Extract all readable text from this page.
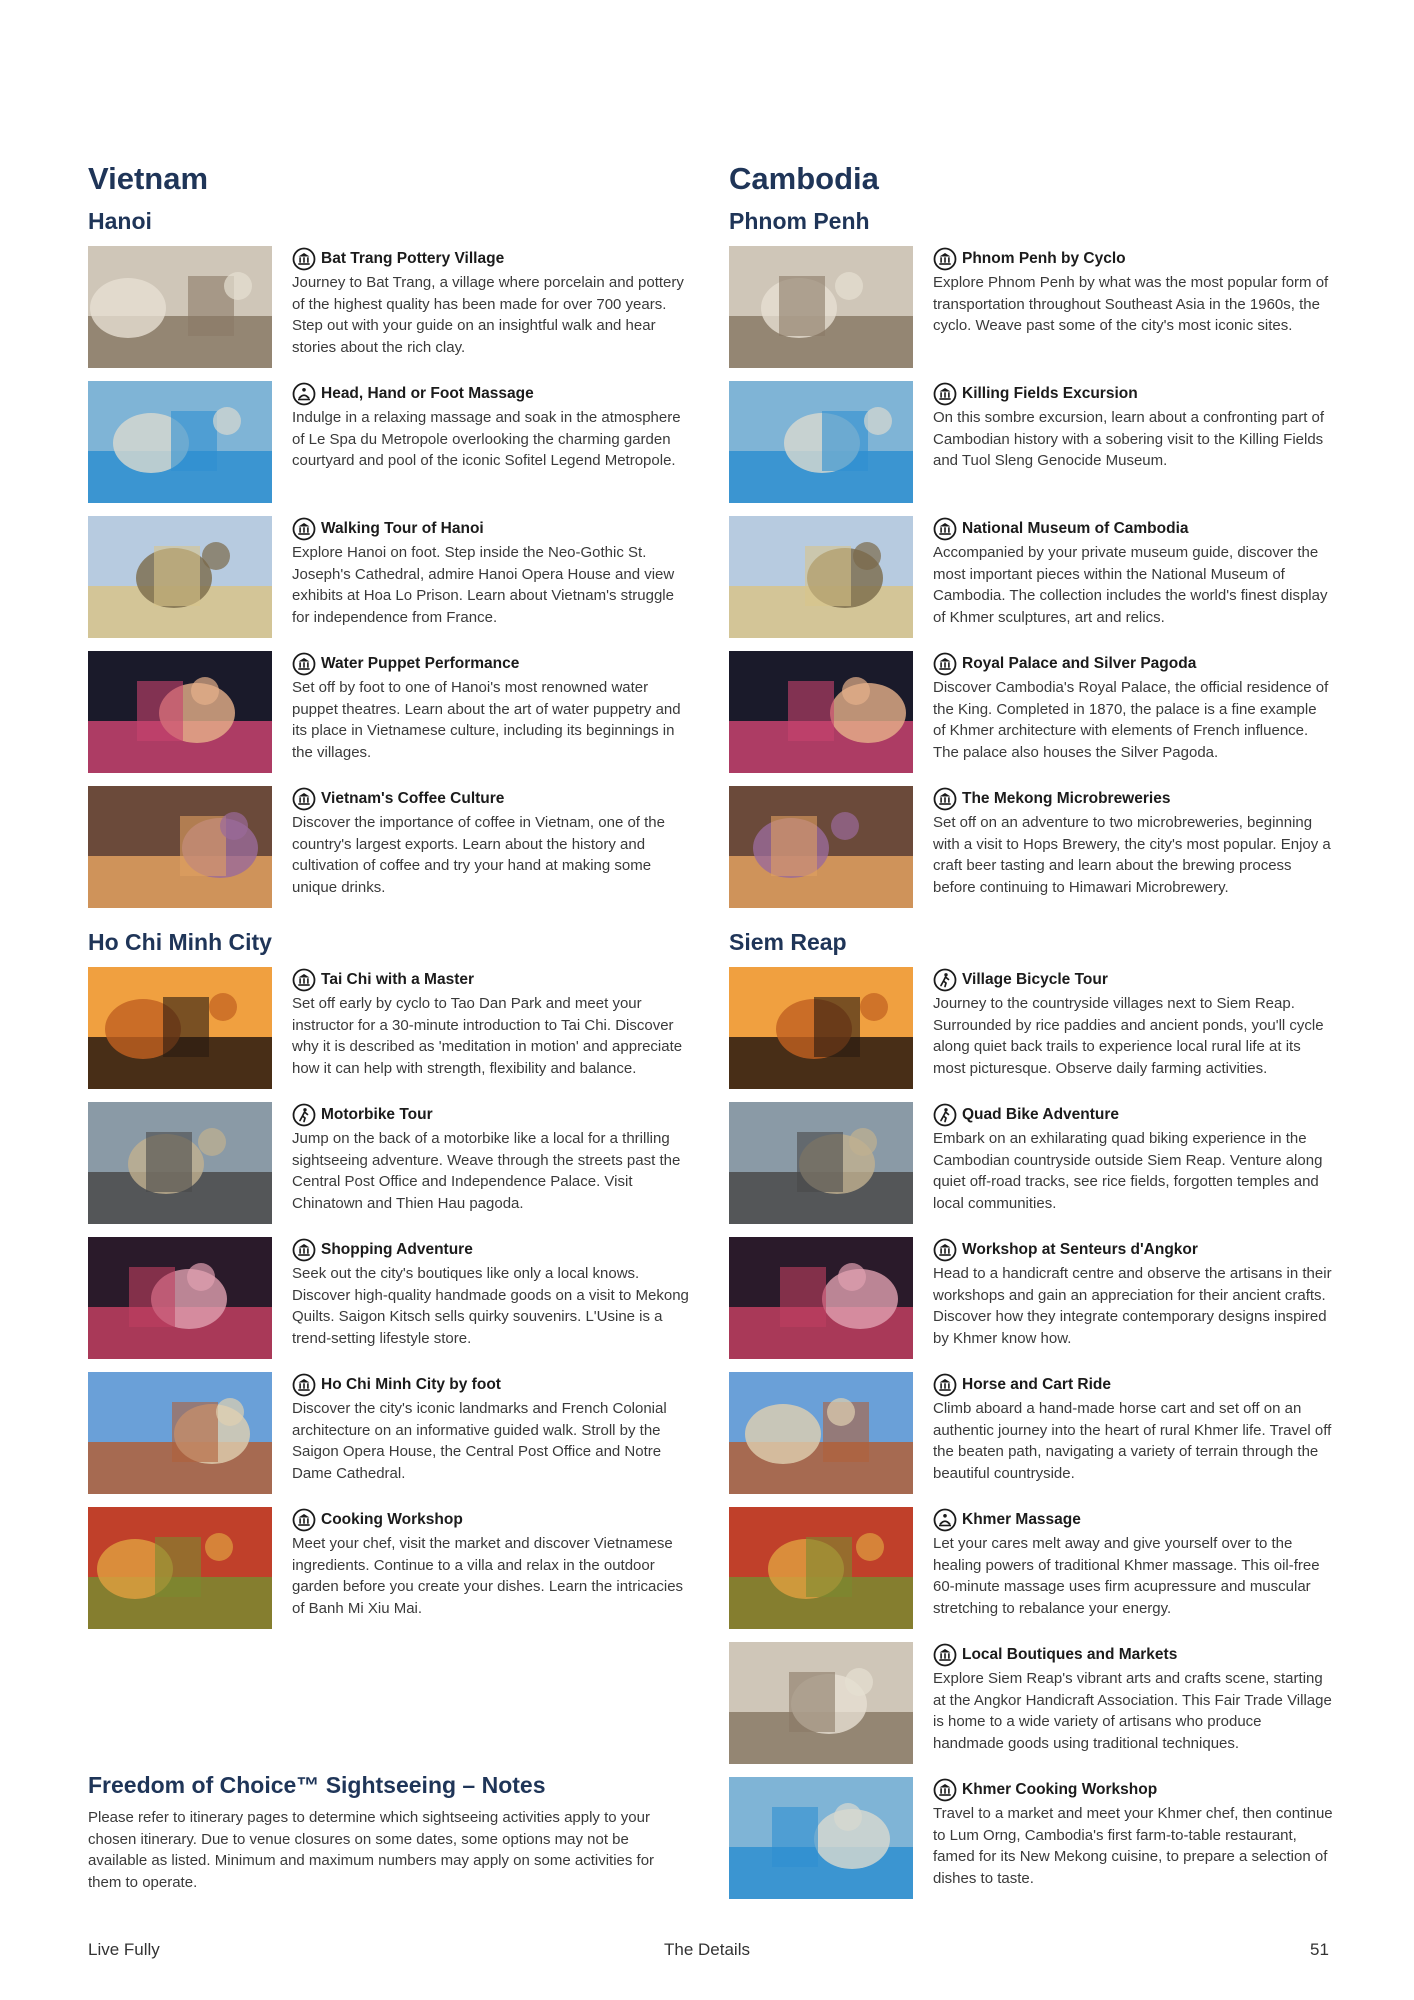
Vietnam
Hanoi
Bat Trang Pottery Village

Journey to Bat Trang, a village where porcelain and pottery of the highest quality has been made for over 700 years. Step out with your guide on an insightful walk and hear stories about the rich clay.

Head, Hand or Foot Massage

Indulge in a relaxing massage and soak in the atmosphere of Le Spa du Metropole overlooking the charming garden courtyard and pool of the iconic Sofitel Legend Metropole.

Walking Tour of Hanoi

Explore Hanoi on foot. Step inside the Neo-Gothic St. Joseph's Cathedral, admire Hanoi Opera House and view exhibits at Hoa Lo Prison. Learn about Vietnam's struggle for independence from France.

Water Puppet Performance

Set off by foot to one of Hanoi's most renowned water puppet theatres. Learn about the art of water puppetry and its place in Vietnamese culture, including its beginnings in the villages.

Vietnam's Coffee Culture

Discover the importance of coffee in Vietnam, one of the country's largest exports. Learn about the history and cultivation of coffee and try your hand at making some unique drinks.

Ho Chi Minh City
Tai Chi with a Master

Set off early by cyclo to Tao Dan Park and meet your instructor for a 30-minute introduction to Tai Chi. Discover why it is described as 'meditation in motion' and appreciate how it can help with strength, flexibility and balance.

Motorbike Tour

Jump on the back of a motorbike like a local for a thrilling sightseeing adventure. Weave through the streets past the Central Post Office and Independence Palace. Visit Chinatown and Thien Hau pagoda.

Shopping Adventure

Seek out the city's boutiques like only a local knows. Discover high-quality handmade goods on a visit to Mekong Quilts. Saigon Kitsch sells quirky souvenirs. L'Usine is a trend-setting lifestyle store.

Ho Chi Minh City by foot

Discover the city's iconic landmarks and French Colonial architecture on an informative guided walk. Stroll by the Saigon Opera House, the Central Post Office and Notre Dame Cathedral.

Cooking Workshop

Meet your chef, visit the market and discover Vietnamese ingredients. Continue to a villa and relax in the outdoor garden before you create your dishes. Learn the intricacies of Banh Mi Xiu Mai.

Cambodia
Phnom Penh
Phnom Penh by Cyclo

Explore Phnom Penh by what was the most popular form of transportation throughout Southeast Asia in the 1960s, the cyclo. Weave past some of the city's most iconic sites.

Killing Fields Excursion

On this sombre excursion, learn about a confronting part of Cambodian history with a sobering visit to the Killing Fields and Tuol Sleng Genocide Museum.

National Museum of Cambodia

Accompanied by your private museum guide, discover the most important pieces within the National Museum of Cambodia. The collection includes the world's finest display of Khmer sculptures, art and relics.

Royal Palace and Silver Pagoda

Discover Cambodia's Royal Palace, the official residence of the King. Completed in 1870, the palace is a fine example of Khmer architecture with elements of French influence. The palace also houses the Silver Pagoda.

The Mekong Microbreweries

Set off on an adventure to two microbreweries, beginning with a visit to Hops Brewery, the city's most popular. Enjoy a craft beer tasting and learn about the brewing process before continuing to Himawari Microbrewery.

Siem Reap
Village Bicycle Tour

Journey to the countryside villages next to Siem Reap. Surrounded by rice paddies and ancient ponds, you'll cycle along quiet back trails to experience local rural life at its most picturesque. Observe daily farming activities.

Quad Bike Adventure

Embark on an exhilarating quad biking experience in the Cambodian countryside outside Siem Reap. Venture along quiet off-road tracks, see rice fields, forgotten temples and local communities.

Workshop at Senteurs d'Angkor

Head to a handicraft centre and observe the artisans in their workshops and gain an appreciation for their ancient crafts. Discover how they integrate contemporary designs inspired by Khmer know how.

Horse and Cart Ride

Climb aboard a hand-made horse cart and set off on an authentic journey into the heart of rural Khmer life. Travel off the beaten path, navigating a variety of terrain through the beautiful countryside.

Khmer Massage

Let your cares melt away and give yourself over to the healing powers of traditional Khmer massage. This oil-free 60-minute massage uses firm acupressure and muscular stretching to rebalance your energy.

Local Boutiques and Markets

Explore Siem Reap's vibrant arts and crafts scene, starting at the Angkor Handicraft Association. This Fair Trade Village is home to a wide variety of artisans who produce handmade goods using traditional techniques.

Khmer Cooking Workshop

Travel to a market and meet your Khmer chef, then continue to Lum Orng, Cambodia's first farm-to-table restaurant, famed for its New Mekong cuisine, to prepare a selection of dishes to taste.

Freedom of Choice™ Sightseeing – Notes

Please refer to itinerary pages to determine which sightseeing activities apply to your chosen itinerary. Due to venue closures on some dates, some options may not be available as listed. Minimum and maximum numbers may apply on some activities for them to operate.

Live Fully	The Details	51
